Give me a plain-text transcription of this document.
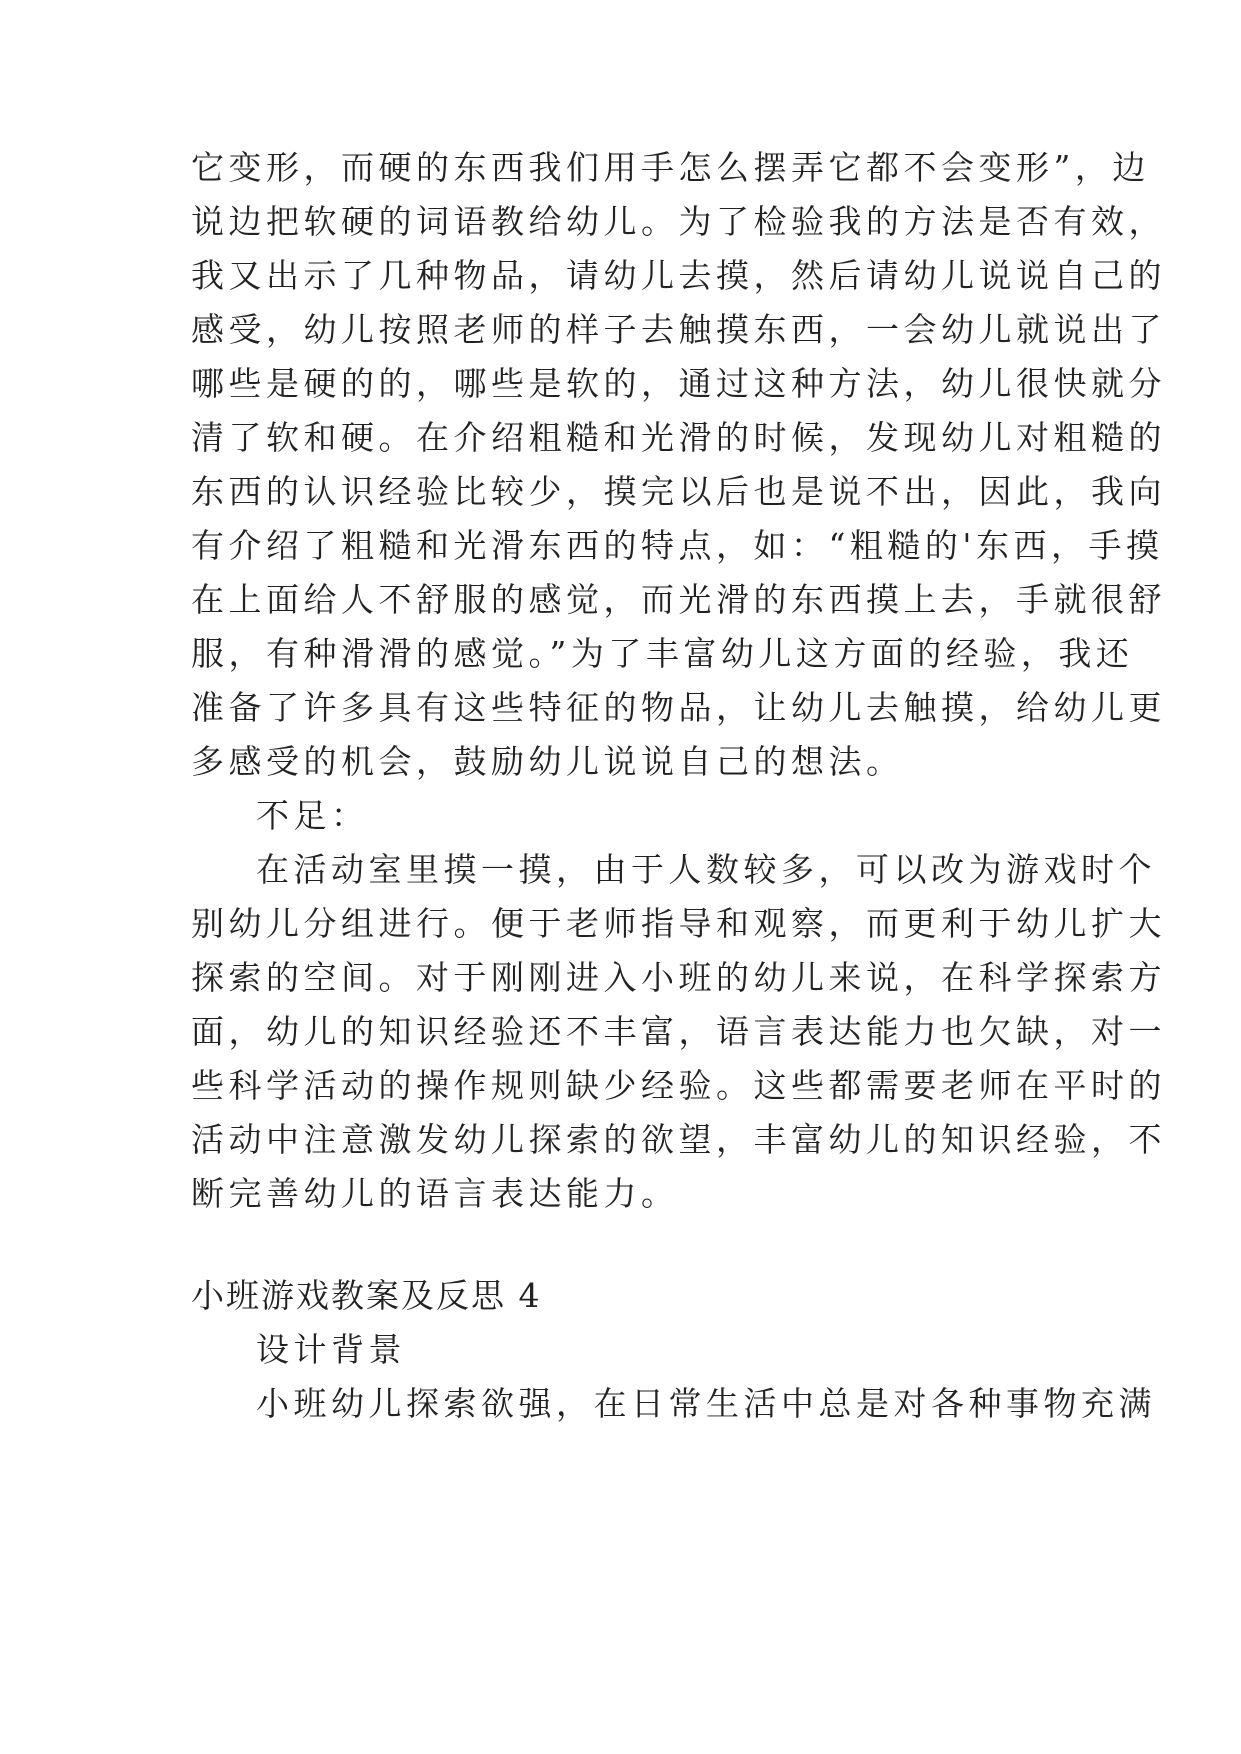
它变形，而硬的东西我们用手怎么摆弄它都不会变形”，边
说边把软硬的词语教给幼儿。为了检验我的方法是否有效，
我又出示了几种物品，请幼儿去摸，然后请幼儿说说自己的
感受，幼儿按照老师的样子去触摸东西，一会幼儿就说出了
哪些是硬的的，哪些是软的，通过这种方法，幼儿很快就分
清了软和硬。在介绍粗糙和光滑的时候，发现幼儿对粗糙的
东西的认识经验比较少，摸完以后也是说不出，因此，我向
有介绍了粗糙和光滑东西的特点，如：“粗糙的'东西，手摸
在上面给人不舒服的感觉，而光滑的东西摸上去，手就很舒
服，有种滑滑的感觉。”为了丰富幼儿这方面的经验，我还
准备了许多具有这些特征的物品，让幼儿去触摸，给幼儿更
多感受的机会，鼓励幼儿说说自己的想法。
不足：
在活动室里摸一摸，由于人数较多，可以改为游戏时个
别幼儿分组进行。便于老师指导和观察，而更利于幼儿扩大
探索的空间。对于刚刚进入小班的幼儿来说，在科学探索方
面，幼儿的知识经验还不丰富，语言表达能力也欠缺，对一
些科学活动的操作规则缺少经验。这些都需要老师在平时的
活动中注意激发幼儿探索的欲望，丰富幼儿的知识经验，不
断完善幼儿的语言表达能力。
小班游戏教案及反思 4
设计背景
小班幼儿探索欲强，在日常生活中总是对各种事物充满
